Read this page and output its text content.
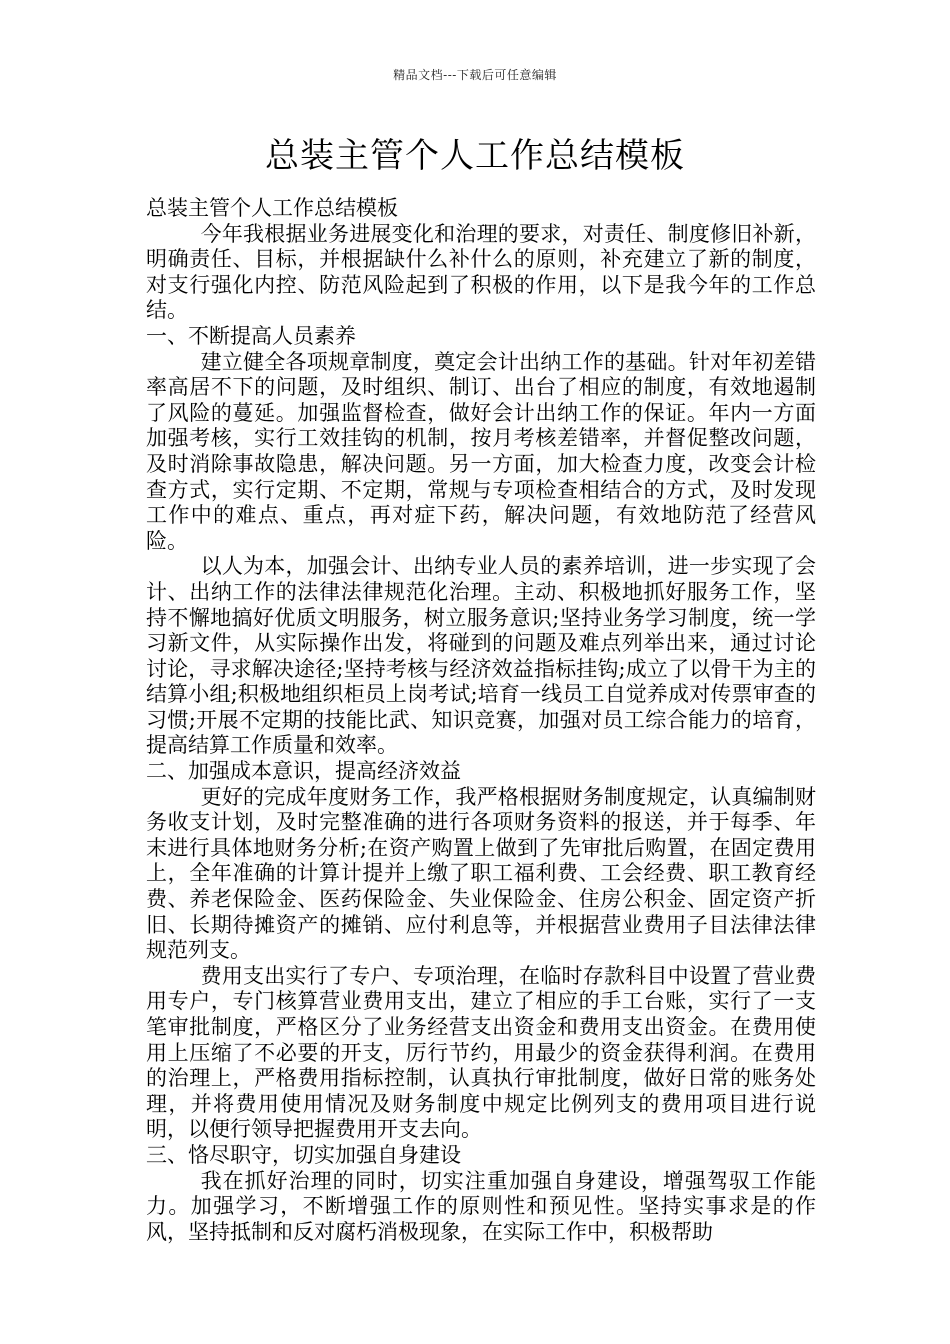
精品文档---下载后可任意编辑
总装主管个人工作总结模板

总装主管个人工作总结模板

今年我根据业务进展变化和治理的要求，对责任、制度修旧补新，明确责任、目标，并根据缺什么补什么的原则，补充建立了新的制度，对支行强化内控、防范风险起到了积极的作用，以下是我今年的工作总结。

一、不断提高人员素养

建立健全各项规章制度，奠定会计出纳工作的基础。针对年初差错率高居不下的问题，及时组织、制订、出台了相应的制度，有效地遏制了风险的蔓延。加强监督检查，做好会计出纳工作的保证。年内一方面加强考核，实行工效挂钩的机制，按月考核差错率，并督促整改问题，及时消除事故隐患，解决问题。另一方面，加大检查力度，改变会计检查方式，实行定期、不定期，常规与专项检查相结合的方式，及时发现工作中的难点、重点，再对症下药，解决问题，有效地防范了经营风险。

以人为本，加强会计、出纳专业人员的素养培训，进一步实现了会计、出纳工作的法律法律规范化治理。主动、积极地抓好服务工作，坚持不懈地搞好优质文明服务，树立服务意识;坚持业务学习制度，统一学习新文件，从实际操作出发，将碰到的问题及难点列举出来，通过讨论讨论，寻求解决途径;坚持考核与经济效益指标挂钩;成立了以骨干为主的结算小组;积极地组织柜员上岗考试;培育一线员工自觉养成对传票审查的习惯;开展不定期的技能比武、知识竞赛，加强对员工综合能力的培育，提高结算工作质量和效率。

二、加强成本意识，提高经济效益

更好的完成年度财务工作，我严格根据财务制度规定，认真编制财务收支计划，及时完整准确的进行各项财务资料的报送，并于每季、年末进行具体地财务分析;在资产购置上做到了先审批后购置，在固定费用上，全年准确的计算计提并上缴了职工福利费、工会经费、职工教育经费、养老保险金、医药保险金、失业保险金、住房公积金、固定资产折旧、长期待摊资产的摊销、应付利息等，并根据营业费用子目法律法律规范列支。

费用支出实行了专户、专项治理，在临时存款科目中设置了营业费用专户，专门核算营业费用支出，建立了相应的手工台账，实行了一支笔审批制度，严格区分了业务经营支出资金和费用支出资金。在费用使用上压缩了不必要的开支，厉行节约，用最少的资金获得利润。在费用的治理上，严格费用指标控制，认真执行审批制度，做好日常的账务处理，并将费用使用情况及财务制度中规定比例列支的费用项目进行说明，以便行领导把握费用开支去向。

三、恪尽职守，切实加强自身建设

我在抓好治理的同时，切实注重加强自身建设，增强驾驭工作能力。加强学习，不断增强工作的原则性和预见性。坚持实事求是的作风，坚持抵制和反对腐朽消极现象，在实际工作中，积极帮助
